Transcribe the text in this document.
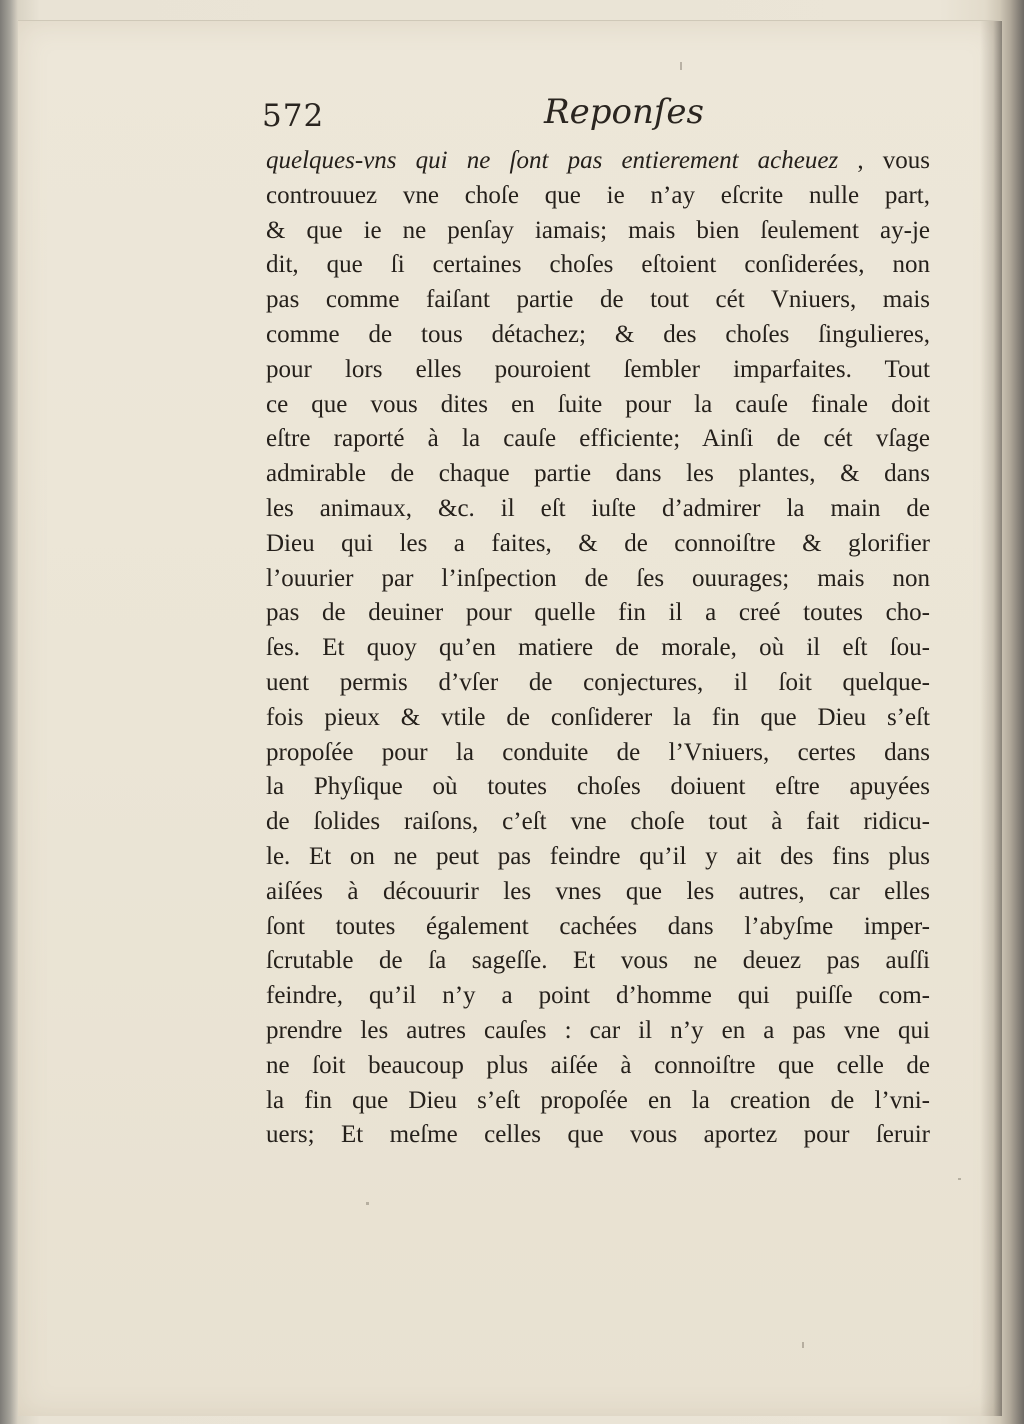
572	Reponſes
quelques-vns qui ne ſont pas entierement acheuez , vous
controuuez vne choſe que ie n’ay eſcrite nulle part,
& que ie ne penſay iamais; mais bien ſeulement ay-je
dit, que ſi certaines choſes eſtoient conſiderées, non
pas comme faiſant partie de tout cét Vniuers, mais
comme de tous détachez; & des choſes ſingulieres,
pour lors elles pouroient ſembler imparfaites. Tout
ce que vous dites en ſuite pour la cauſe finale doit
eſtre raporté à la cauſe efficiente; Ainſi de cét vſage
admirable de chaque partie dans les plantes, & dans
les animaux, &c. il eſt iuſte d’admirer la main de
Dieu qui les a faites, & de connoiſtre & glorifier
l’ouurier par l’inſpection de ſes ouurages; mais non
pas de deuiner pour quelle fin il a creé toutes cho-
ſes. Et quoy qu’en matiere de morale, où il eſt ſou-
uent permis d’vſer de conjectures, il ſoit quelque-
fois pieux & vtile de conſiderer la fin que Dieu s’eſt
propoſée pour la conduite de l’Vniuers, certes dans
la Phyſique où toutes choſes doiuent eſtre apuyées
de ſolides raiſons, c’eſt vne choſe tout à fait ridicu-
le. Et on ne peut pas feindre qu’il y ait des fins plus
aiſées à découurir les vnes que les autres, car elles
ſont toutes également cachées dans l’abyſme imper-
ſcrutable de ſa sageſſe. Et vous ne deuez pas auſſi
feindre, qu’il n’y a point d’homme qui puiſſe com-
prendre les autres cauſes : car il n’y en a pas vne qui
ne ſoit beaucoup plus aiſée à connoiſtre que celle de
la fin que Dieu s’eſt propoſée en la creation de l’vni-
uers; Et meſme celles que vous aportez pour ſeruir
